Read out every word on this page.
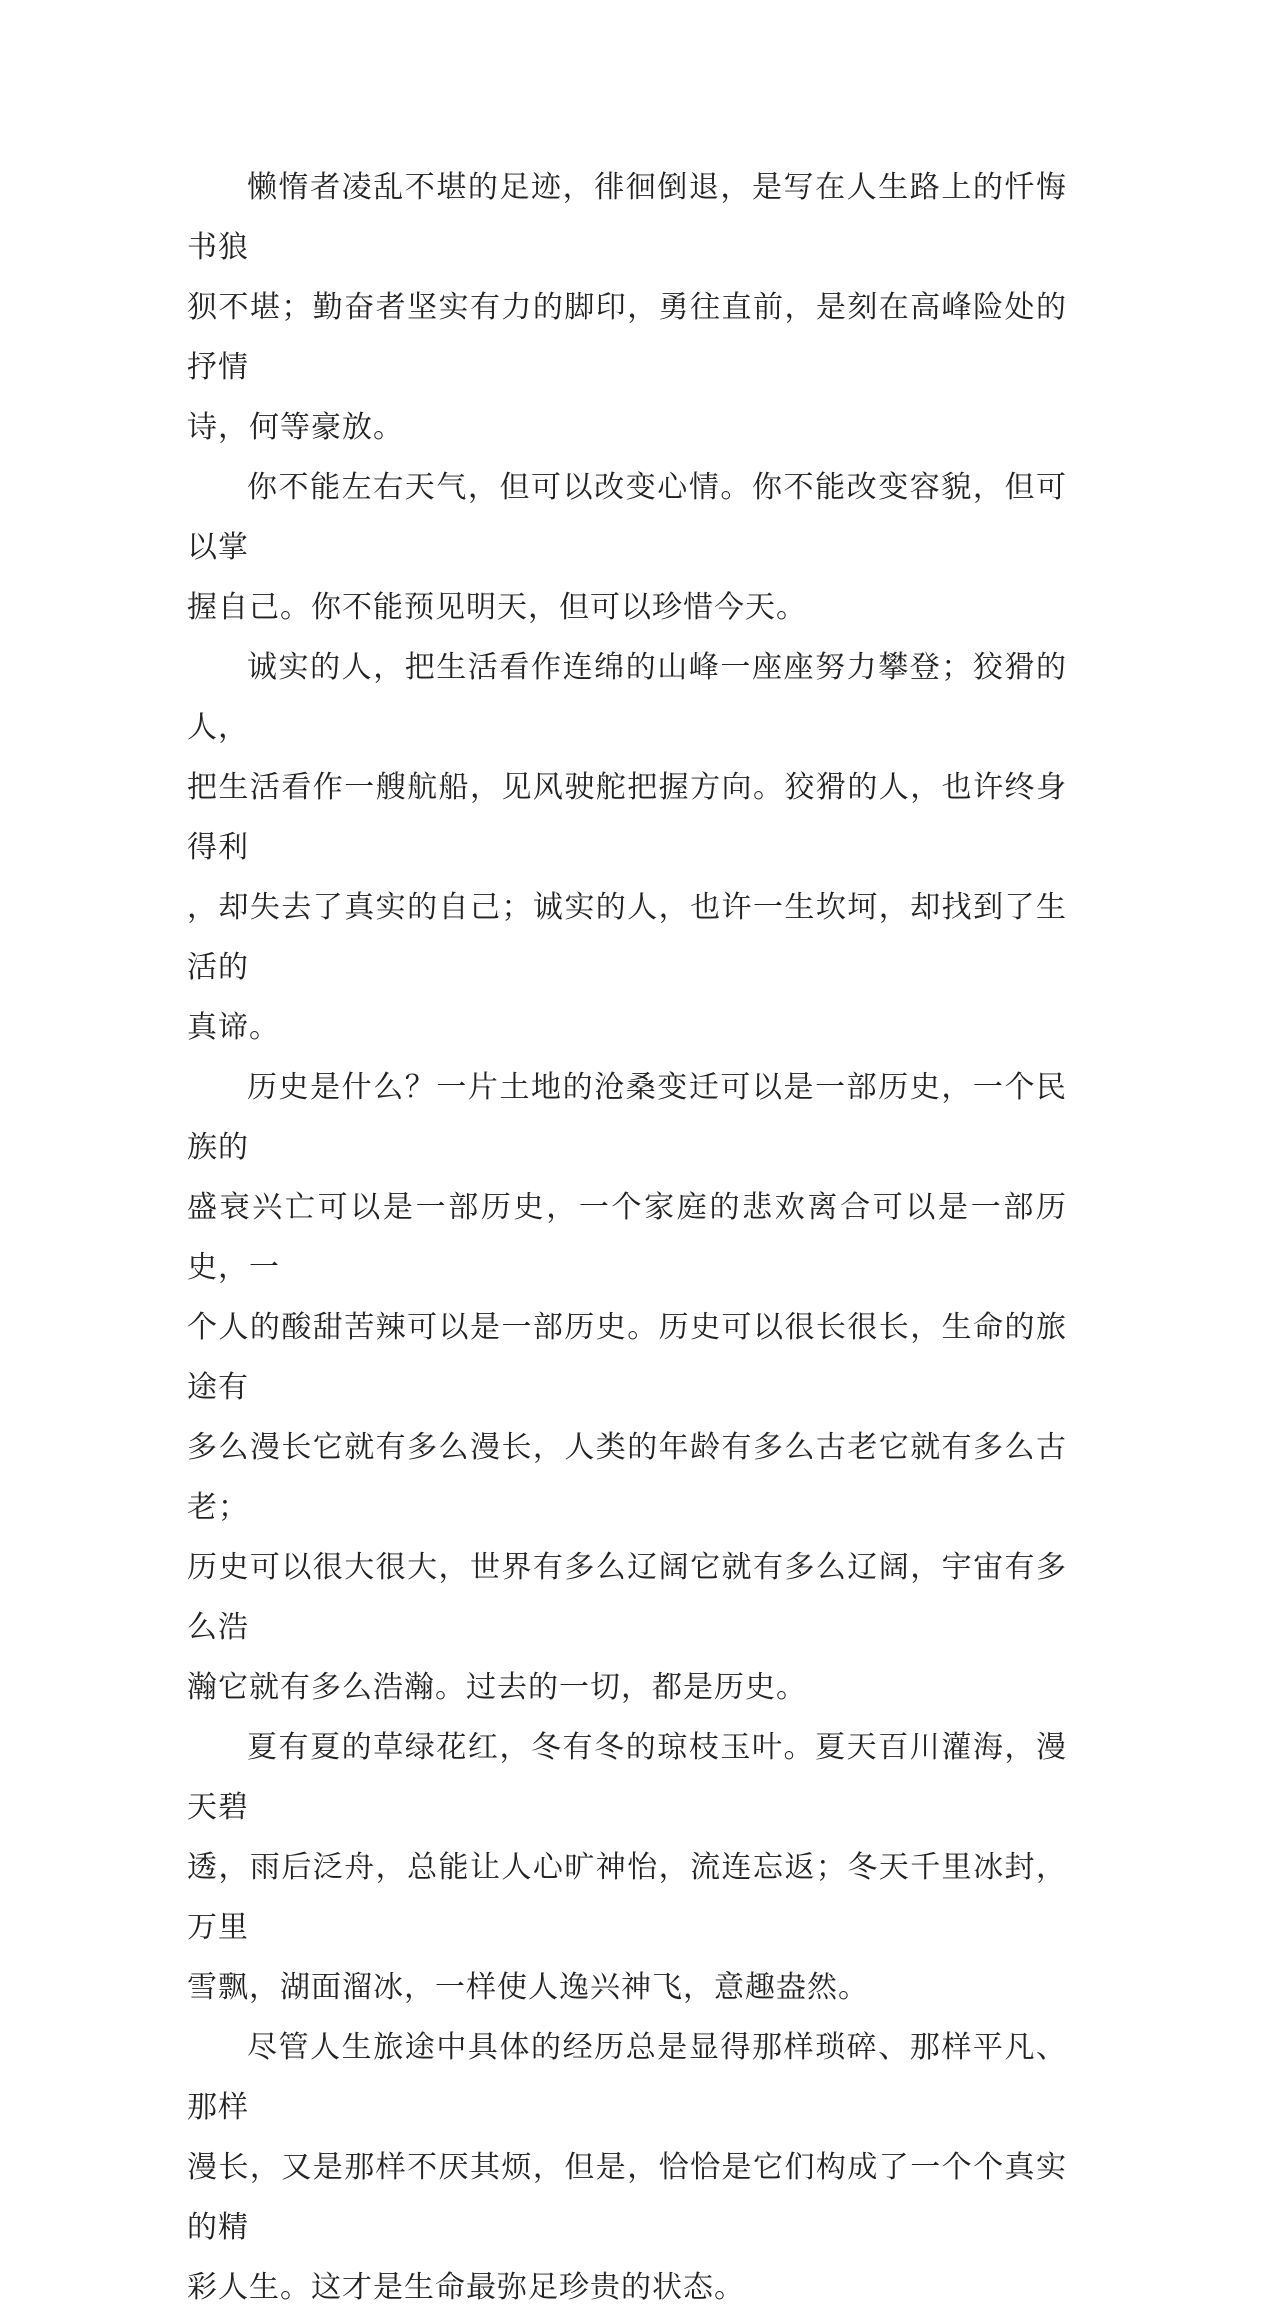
懒惰者凌乱不堪的足迹，徘徊倒退，是写在人生路上的忏悔书狼
狈不堪；勤奋者坚实有力的脚印，勇往直前，是刻在高峰险处的抒情
诗，何等豪放。

你不能左右天气，但可以改变心情。你不能改变容貌，但可以掌
握自己。你不能预见明天，但可以珍惜今天。

诚实的人，把生活看作连绵的山峰一座座努力攀登；狡猾的人，
把生活看作一艘航船，见风驶舵把握方向。狡猾的人，也许终身得利
，却失去了真实的自己；诚实的人，也许一生坎坷，却找到了生活的
真谛。

历史是什么？一片土地的沧桑变迁可以是一部历史，一个民族的
盛衰兴亡可以是一部历史，一个家庭的悲欢离合可以是一部历史，一
个人的酸甜苦辣可以是一部历史。历史可以很长很长，生命的旅途有
多么漫长它就有多么漫长，人类的年龄有多么古老它就有多么古老；
历史可以很大很大，世界有多么辽阔它就有多么辽阔，宇宙有多么浩
瀚它就有多么浩瀚。过去的一切，都是历史。

夏有夏的草绿花红，冬有冬的琼枝玉叶。夏天百川灌海，漫天碧
透，雨后泛舟，总能让人心旷神怡，流连忘返；冬天千里冰封，万里
雪飘，湖面溜冰，一样使人逸兴神飞，意趣盎然。

尽管人生旅途中具体的经历总是显得那样琐碎、那样平凡、那样
漫长，又是那样不厌其烦，但是，恰恰是它们构成了一个个真实的精
彩人生。这才是生命最弥足珍贵的状态。
